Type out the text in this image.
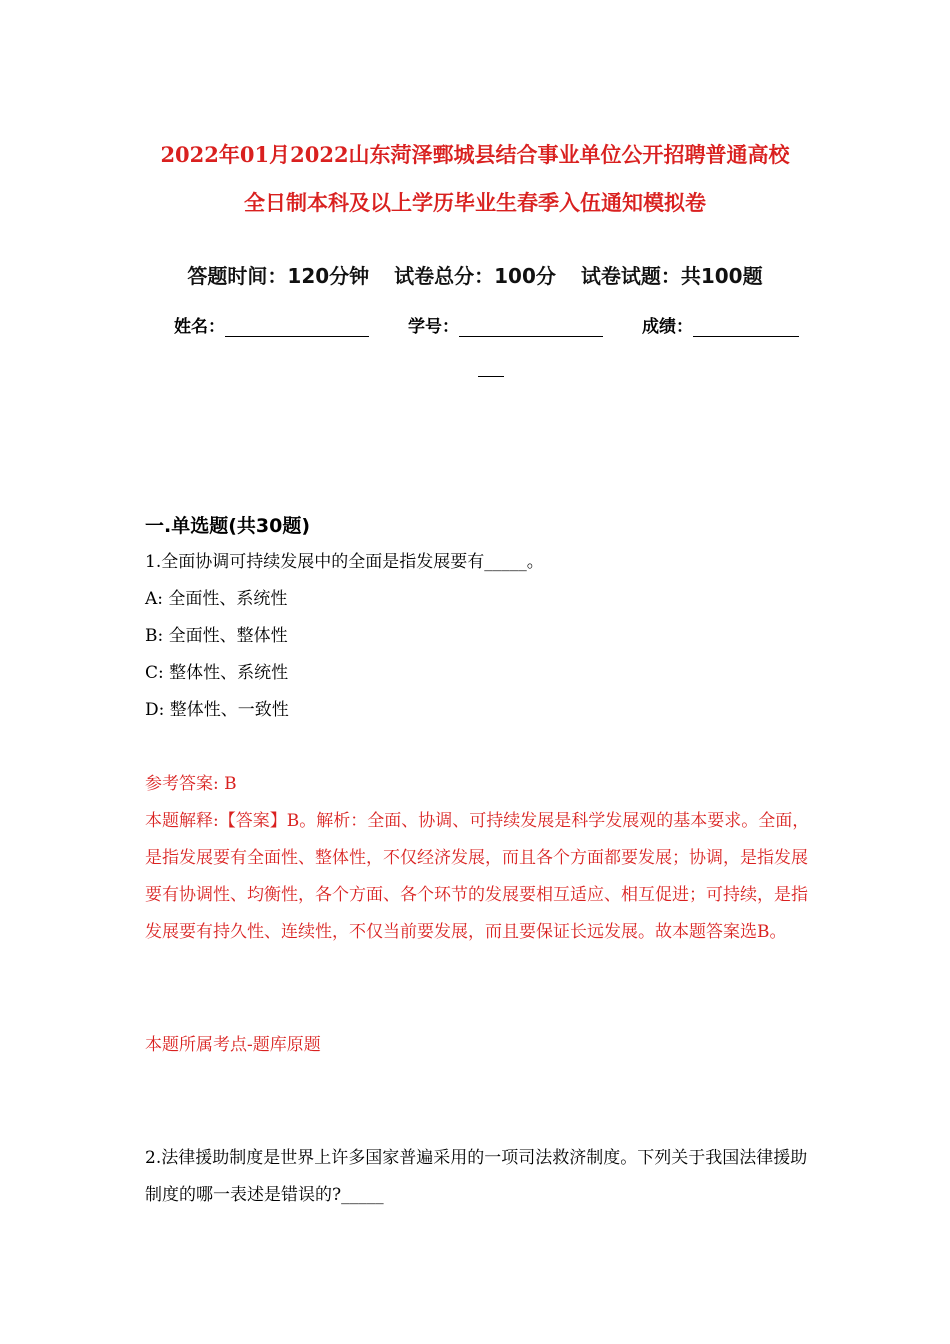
2022年01月2022山东菏泽鄄城县结合事业单位公开招聘普通高校
全日制本科及以上学历毕业生春季入伍通知模拟卷
答题时间：120分钟 试卷总分：100分 试卷试题：共100题
姓名：	学号：	成绩：
一.单选题(共30题)
1.全面协调可持续发展中的全面是指发展要有_____。
A: 全面性、系统性
B: 全面性、整体性
C: 整体性、系统性
D: 整体性、一致性
参考答案: B
本题解释:【答案】B。解析：全面、协调、可持续发展是科学发展观的基本要求。全面，是指发展要有全面性、整体性，不仅经济发展，而且各个方面都要发展；协调，是指发展要有协调性、均衡性，各个方面、各个环节的发展要相互适应、相互促进；可持续，是指发展要有持久性、连续性，不仅当前要发展，而且要保证长远发展。故本题答案选B。
本题所属考点-题库原题
2.法律援助制度是世界上许多国家普遍采用的一项司法救济制度。下列关于我国法律援助制度的哪一表述是错误的?_____
